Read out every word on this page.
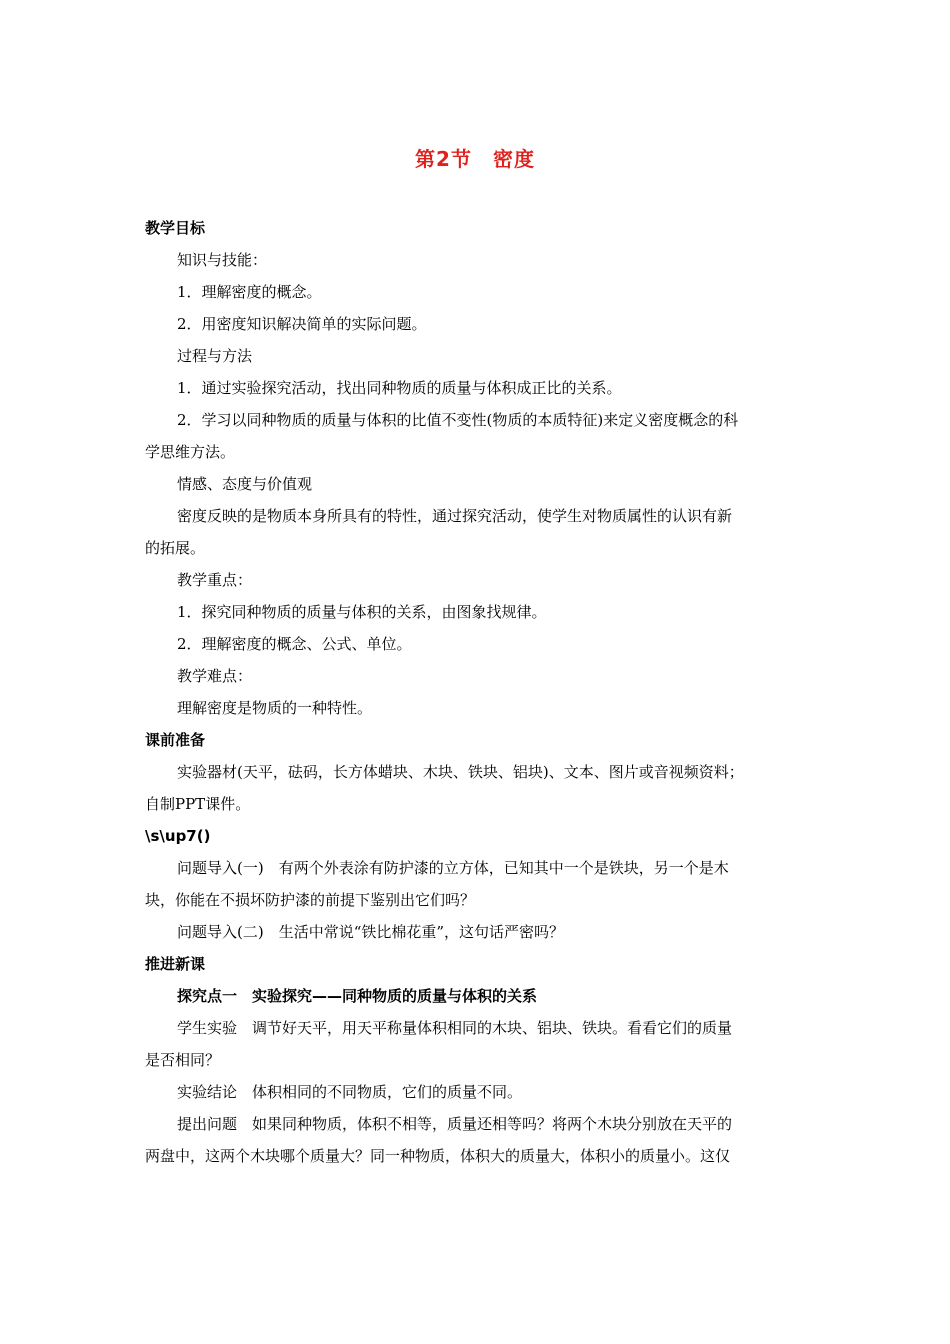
第2节　密度
教学目标
知识与技能：
1．理解密度的概念。
2．用密度知识解决简单的实际问题。
过程与方法
1．通过实验探究活动，找出同种物质的质量与体积成正比的关系。
2．学习以同种物质的质量与体积的比值不变性(物质的本质特征)来定义密度概念的科
学思维方法。
情感、态度与价值观
密度反映的是物质本身所具有的特性，通过探究活动，使学生对物质属性的认识有新
的拓展。
教学重点：
1．探究同种物质的质量与体积的关系，由图象找规律。
2．理解密度的概念、公式、单位。
教学难点：
理解密度是物质的一种特性。
课前准备
实验器材(天平，砝码，长方体蜡块、木块、铁块、铝块)、文本、图片或音视频资料；
自制PPT课件。
\s\up7()
问题导入(一)　有两个外表涂有防护漆的立方体，已知其中一个是铁块，另一个是木
块，你能在不损坏防护漆的前提下鉴别出它们吗？
问题导入(二)　生活中常说“铁比棉花重”，这句话严密吗？
推进新课
探究点一　实验探究——同种物质的质量与体积的关系
学生实验　调节好天平，用天平称量体积相同的木块、铝块、铁块。看看它们的质量
是否相同？
实验结论　体积相同的不同物质，它们的质量不同。
提出问题　如果同种物质，体积不相等，质量还相等吗？将两个木块分别放在天平的
两盘中，这两个木块哪个质量大？同一种物质，体积大的质量大，体积小的质量小。这仅
